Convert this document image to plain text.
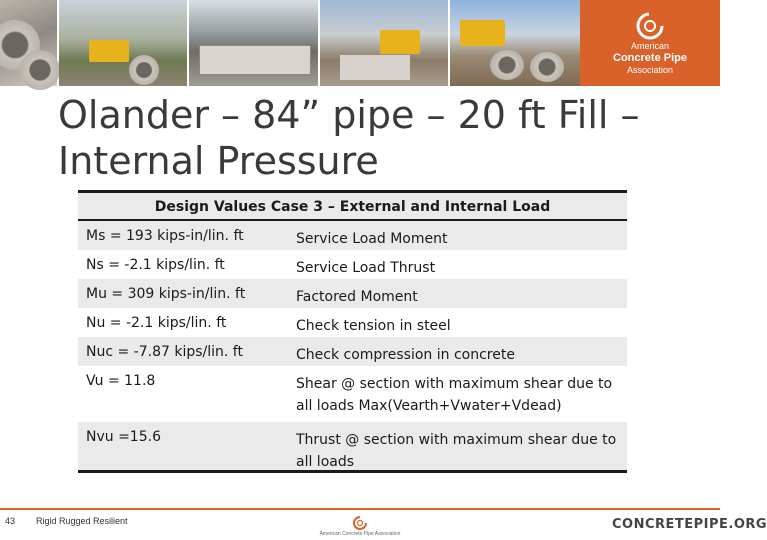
American
Concrete Pipe
Association
Olander – 84” pipe – 20 ft Fill –
Internal Pressure
Design Values Case 3 – External and Internal Load
Ms = 193 kips-in/lin. ft	Service Load Moment
Ns = -2.1 kips/lin. ft	Service Load Thrust
Mu = 309 kips-in/lin. ft	Factored Moment
Nu = -2.1 kips/lin. ft	Check tension in steel
Nuc = -7.87 kips/lin. ft	Check compression in concrete
Vu = 11.8	Shear @ section with maximum shear due to all loads Max(Vearth+Vwater+Vdead)
Nvu =15.6	Thrust @ section with maximum shear due to all loads
43 Rigid Rugged Resilient
American Concrete Pipe Association
CONCRETEPIPE.ORG
